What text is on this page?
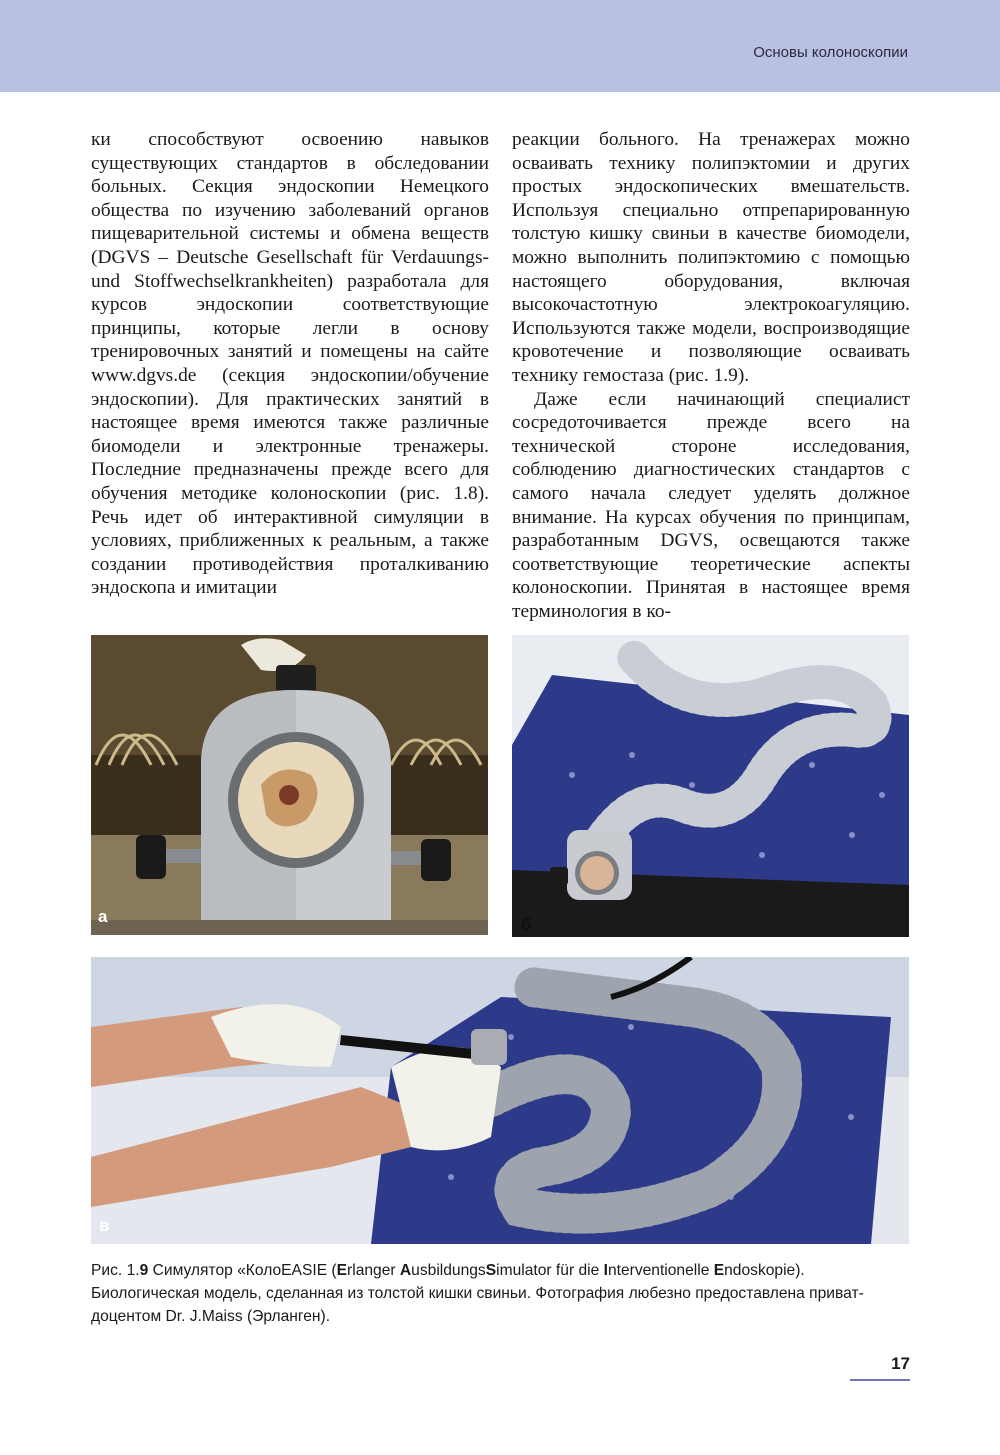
Основы колоноскопии

ки способствуют освоению навыков существующих стандартов в обследовании больных. Секция эндоскопии Немецкого общества по изучению заболеваний органов пищеварительной системы и обмена веществ (DGVS – Deutsche Gesellschaft für Verdauungs- und Stoffwechselkrankheiten) разработала для курсов эндоскопии соответствующие принципы, которые легли в основу тренировочных занятий и помещены на сайте www.dgvs.de (секция эндоскопии/обучение эндоскопии). Для практических занятий в настоящее время имеются также различные биомодели и электронные тренажеры. Последние предназначены прежде всего для обучения методике колоноскопии (рис. 1.8). Речь идет об интерактивной симуляции в условиях, приближенных к реальным, а также создании противодействия проталкиванию эндоскопа и имитации

реакции больного. На тренажерах можно осваивать технику полипэктомии и других простых эндоскопических вмешательств. Используя специально отпрепарированную толстую кишку свиньи в качестве биомодели, можно выполнить полипэктомию с помощью настоящего оборудования, включая высокочастотную электрокоагуляцию. Используются также модели, воспроизводящие кровотечение и позволяющие осваивать технику гемостаза (рис. 1.9).

Даже если начинающий специалист сосредоточивается прежде всего на технической стороне исследования, соблюдению диагностических стандартов с самого начала следует уделять должное внимание. На курсах обучения по принципам, разработанным DGVS, освещаются также соответствующие теоретические аспекты колоноскопии. Принятая в настоящее время терминология в ко-

а	б
в
Рис. 1.9 Симулятор «КолоEASIE (Erlanger AusbildungsSimulator für die Interventionelle Endoskopie). Биологическая модель, сделанная из толстой кишки свиньи. Фотография любезно предоставлена приват-доцентом Dr. J.Maiss (Эрланген).
17
